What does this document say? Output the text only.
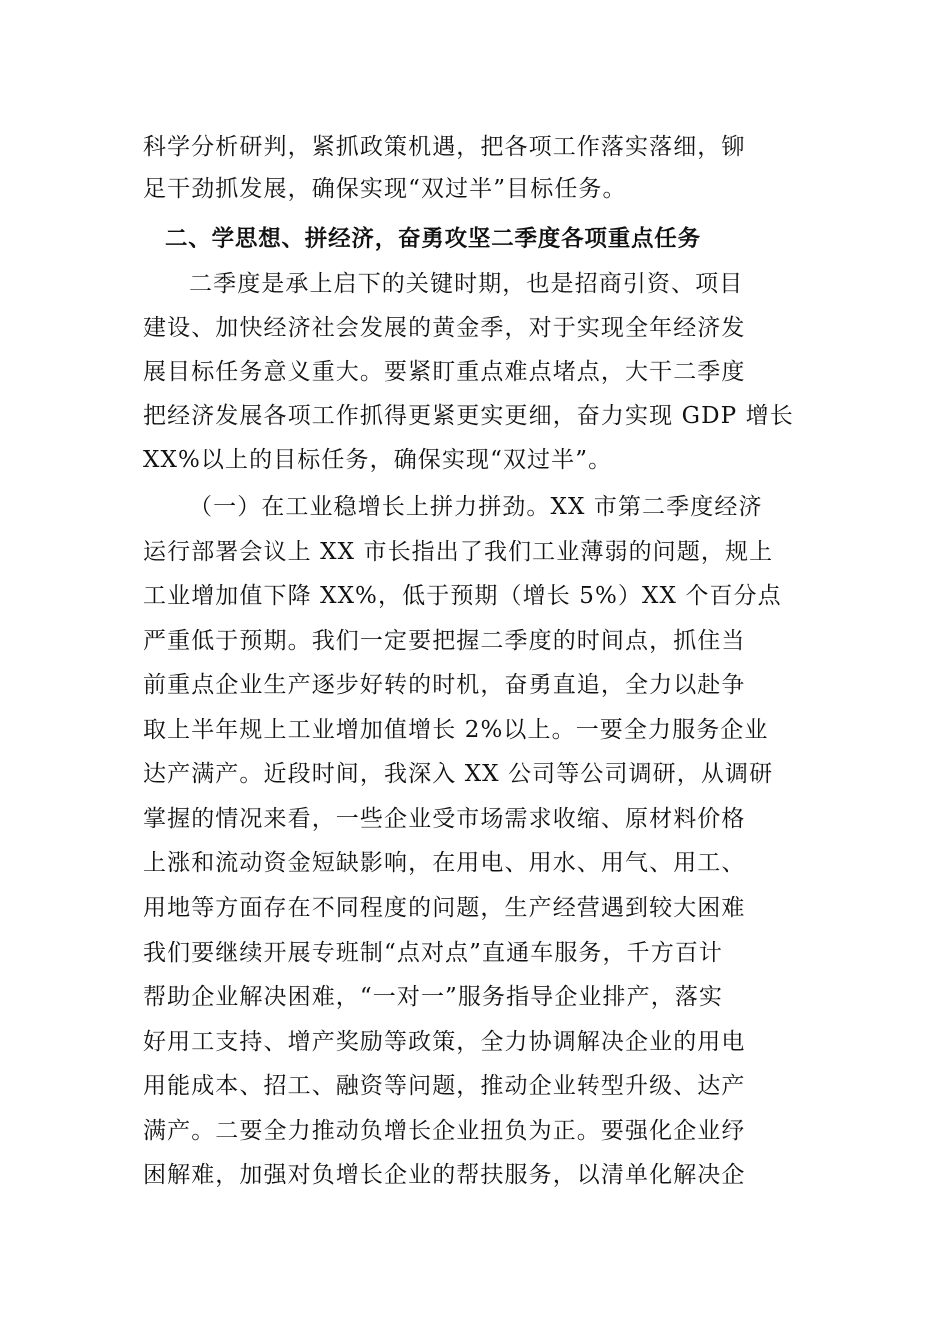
科学分析研判，紧抓政策机遇，把各项工作落实落细，铆
足干劲抓发展，确保实现“双过半”目标任务。
二、学思想、拼经济，奋勇攻坚二季度各项重点任务
二季度是承上启下的关键时期，也是招商引资、项目
建设、加快经济社会发展的黄金季，对于实现全年经济发
展目标任务意义重大。要紧盯重点难点堵点，大干二季度
把经济发展各项工作抓得更紧更实更细，奋力实现 GDP 增长
XX%以上的目标任务，确保实现“双过半”。
（一）在工业稳增长上拼力拼劲。XX 市第二季度经济
运行部署会议上 XX 市长指出了我们工业薄弱的问题，规上
工业增加值下降 XX%，低于预期（增长 5%）XX 个百分点
严重低于预期。我们一定要把握二季度的时间点，抓住当
前重点企业生产逐步好转的时机，奋勇直追，全力以赴争
取上半年规上工业增加值增长 2%以上。一要全力服务企业
达产满产。近段时间，我深入 XX 公司等公司调研，从调研
掌握的情况来看，一些企业受市场需求收缩、原材料价格
上涨和流动资金短缺影响，在用电、用水、用气、用工、
用地等方面存在不同程度的问题，生产经营遇到较大困难
我们要继续开展专班制“点对点”直通车服务，千方百计
帮助企业解决困难，“一对一”服务指导企业排产，落实
好用工支持、增产奖励等政策，全力协调解决企业的用电
用能成本、招工、融资等问题，推动企业转型升级、达产
满产。二要全力推动负增长企业扭负为正。要强化企业纾
困解难，加强对负增长企业的帮扶服务，以清单化解决企
